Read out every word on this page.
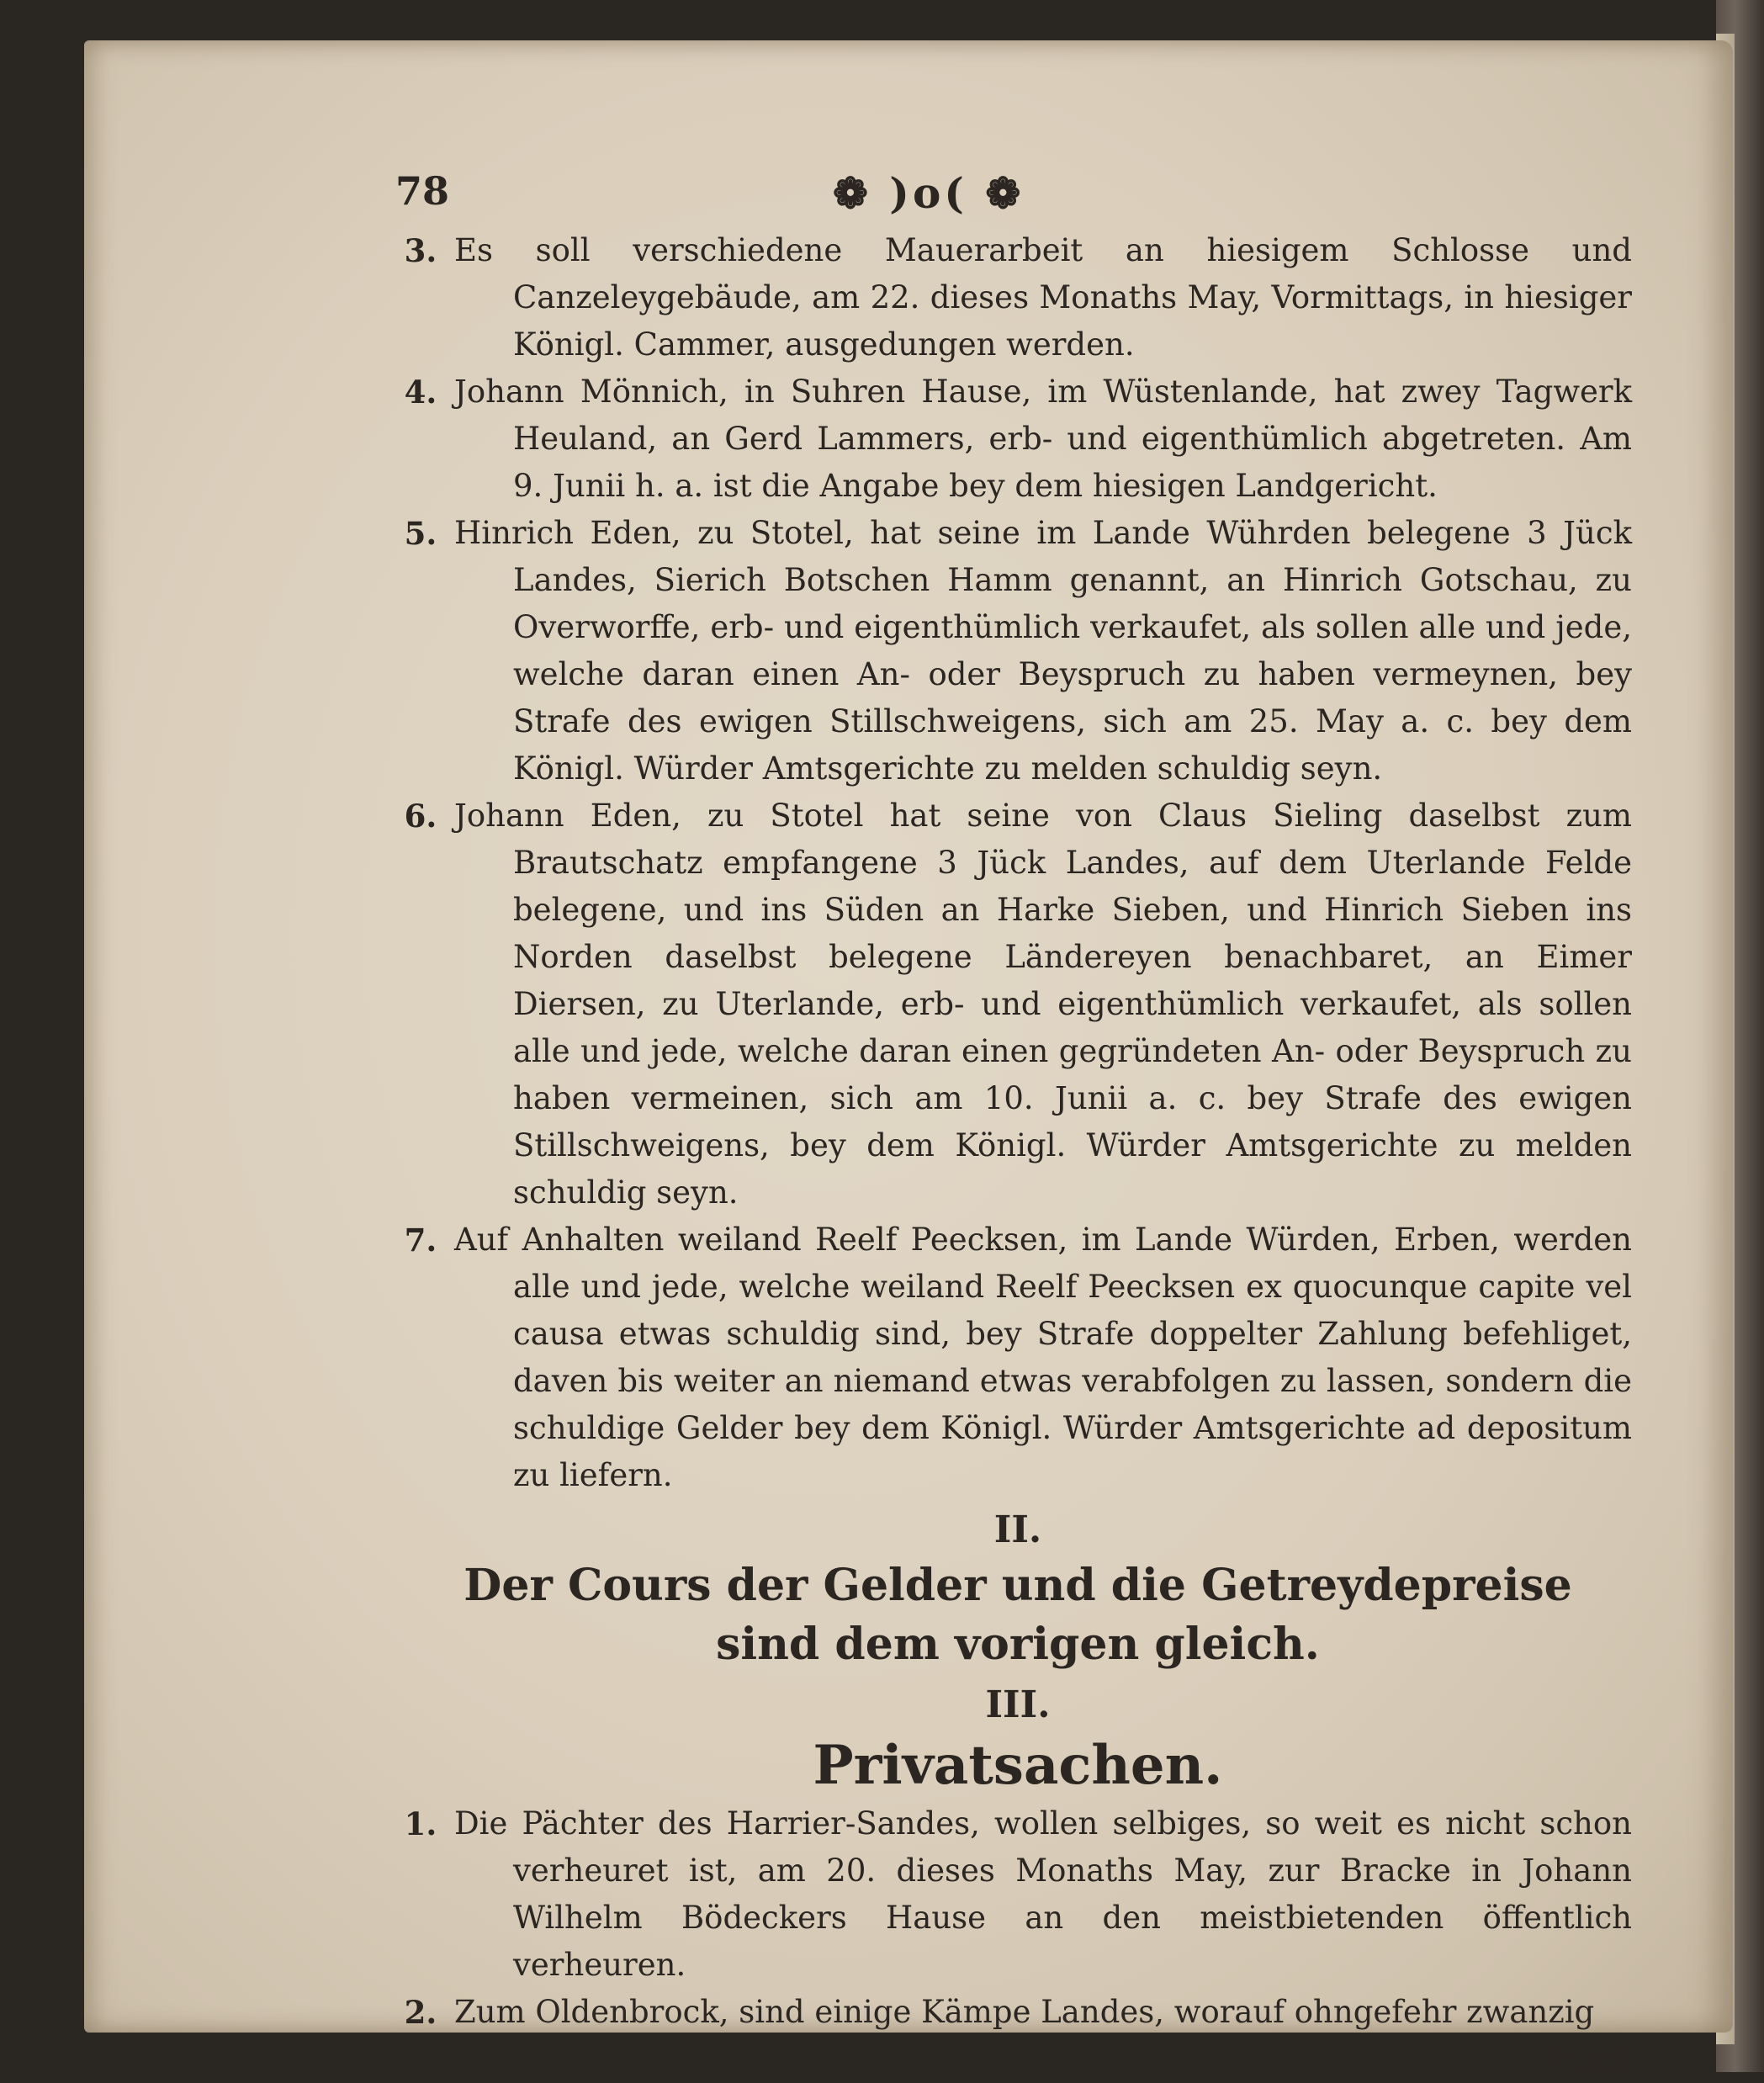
78	❁ )o( ❁
3. Es soll verschiedene Mauerarbeit an hiesigem Schlosse und Canzeleygebäude, am 22. dieses Monaths May, Vormittags, in hiesiger Königl. Cammer, ausgedungen werden.
4. Johann Mönnich, in Suhren Hause, im Wüstenlande, hat zwey Tagwerk Heuland, an Gerd Lammers, erb- und eigenthümlich abgetreten. Am 9. Junii h. a. ist die Angabe bey dem hiesigen Landgericht.
5. Hinrich Eden, zu Stotel, hat seine im Lande Wührden belegene 3 Jück Landes, Sierich Botschen Hamm genannt, an Hinrich Gotschau, zu Overworffe, erb- und eigenthümlich verkaufet, als sollen alle und jede, welche daran einen An- oder Beyspruch zu haben vermeynen, bey Strafe des ewigen Stillschweigens, sich am 25. May a. c. bey dem Königl. Würder Amtsgerichte zu melden schuldig seyn.
6. Johann Eden, zu Stotel hat seine von Claus Sieling daselbst zum Brautschatz empfangene 3 Jück Landes, auf dem Uterlande Felde belegene, und ins Süden an Harke Sieben, und Hinrich Sieben ins Norden daselbst belegene Ländereyen benachbaret, an Eimer Diersen, zu Uterlande, erb- und eigenthümlich verkaufet, als sollen alle und jede, welche daran einen gegründeten An- oder Beyspruch zu haben vermeinen, sich am 10. Junii a. c. bey Strafe des ewigen Stillschweigens, bey dem Königl. Würder Amtsgerichte zu melden schuldig seyn.
7. Auf Anhalten weiland Reelf Peecksen, im Lande Würden, Erben, werden alle und jede, welche weiland Reelf Peecksen ex quocunque capite vel causa etwas schuldig sind, bey Strafe doppelter Zahlung befehliget, daven bis weiter an niemand etwas verabfolgen zu lassen, sondern die schuldige Gelder bey dem Königl. Würder Amtsgerichte ad depositum zu liefern.
II.
Der Cours der Gelder und die Getreydepreise
sind dem vorigen gleich.
III.
Privatsachen.
1. Die Pächter des Harrier-Sandes, wollen selbiges, so weit es nicht schon verheuret ist, am 20. dieses Monaths May, zur Bracke in Johann Wilhelm Bödeckers Hause an den meistbietenden öffentlich verheuren.
2. Zum Oldenbrock, sind einige Kämpe Landes, worauf ohngefehr zwanzig
Stück
